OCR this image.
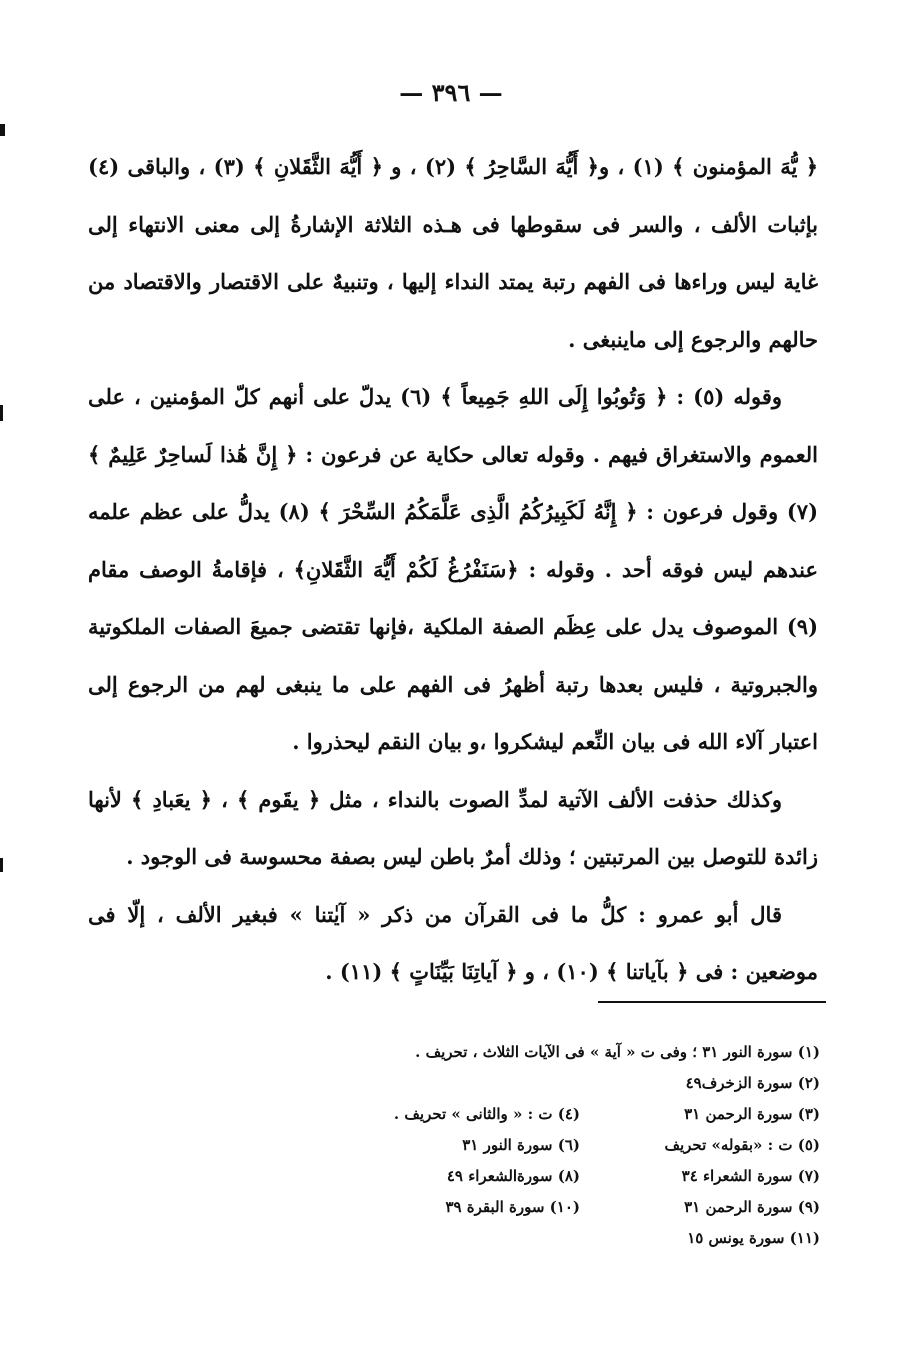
— ٣٩٦ —

﴿ يُّهَ المؤمنون ﴾ (١) ، و﴿ أَيُّهَ السَّاحِرُ ﴾ (٢) ، و ﴿ أَيُّهَ الثَّقَلانِ ﴾ (٣) ، والباقى (٤) بإثبات الألف ، والسر فى سقوطها فى هـذه الثلاثة الإشارةُ إلى معنى الانتهاء إلى غاية ليس وراءها فى الفهم رتبة يمتد النداء إليها ، وتنبيهٌ على الاقتصار والاقتصاد من حالهم والرجوع إلى ماينبغى .

وقوله (٥) : ﴿ وَتُوبُوا إِلَى اللهِ جَمِيعاً ﴾ (٦) يدلّ على أنهم كلّ المؤمنين ، على العموم والاستغراق فيهم . وقوله تعالى حكاية عن فرعون : ﴿ إِنَّ هَٰذا لَساحِرٌ عَلِيمٌ ﴾ (٧) وقول فرعون : ﴿ إِنَّهُ لَكَبِيرُكُمُ الَّذِى عَلَّمَكُمُ السِّحْرَ ﴾ (٨) يدلُّ على عظم علمه عندهم ليس فوقه أحد . وقوله : ﴿سَنَفْرُغُ لَكُمْ أَيُّهَ الثَّقَلانِ﴾ ، فإقامةُ الوصف مقام (٩) الموصوف يدل على عِظَم الصفة الملكية ،فإنها تقتضى جميعَ الصفات الملكوتية والجبروتية ، فليس بعدها رتبة أظهرُ فى الفهم على ما ينبغى لهم من الرجوع إلى اعتبار آلاء الله فى بيان النِّعم ليشكروا ،و بيان النقم ليحذروا .

وكذلك حذفت الألف الآتية لمدِّ الصوت بالنداء ، مثل ﴿ يقَوم ﴾ ، ﴿ يعَبادِ ﴾ لأنها زائدة للتوصل بين المرتبتين ؛ وذلك أمرٌ باطن ليس بصفة محسوسة فى الوجود .

قال أبو عمرو : كلُّ ما فى القرآن من ذكر « آيٰتنا » فبغير الألف ، إلّا فى موضعين : فى ﴿ بآياتنا ﴾ (١٠) ، و ﴿ آياتِنَا بَيِّنَاتٍ ﴾ (١١) .

(١) سورة النور ٣١ ؛ وفى ت « آية » فى الآيات الثلاث ، تحريف .
(٢) سورة الزخرف٤٩
(٣) سورة الرحمن ٣١
(٤) ت : « والثانى » تحريف .
(٥) ت : «بقوله» تحريف
(٦) سورة النور ٣١
(٧) سورة الشعراء ٣٤
(٨) سورةالشعراء ٤٩
(٩) سورة الرحمن ٣١
(١٠) سورة البقرة ٣٩
(١١) سورة يونس ١٥
